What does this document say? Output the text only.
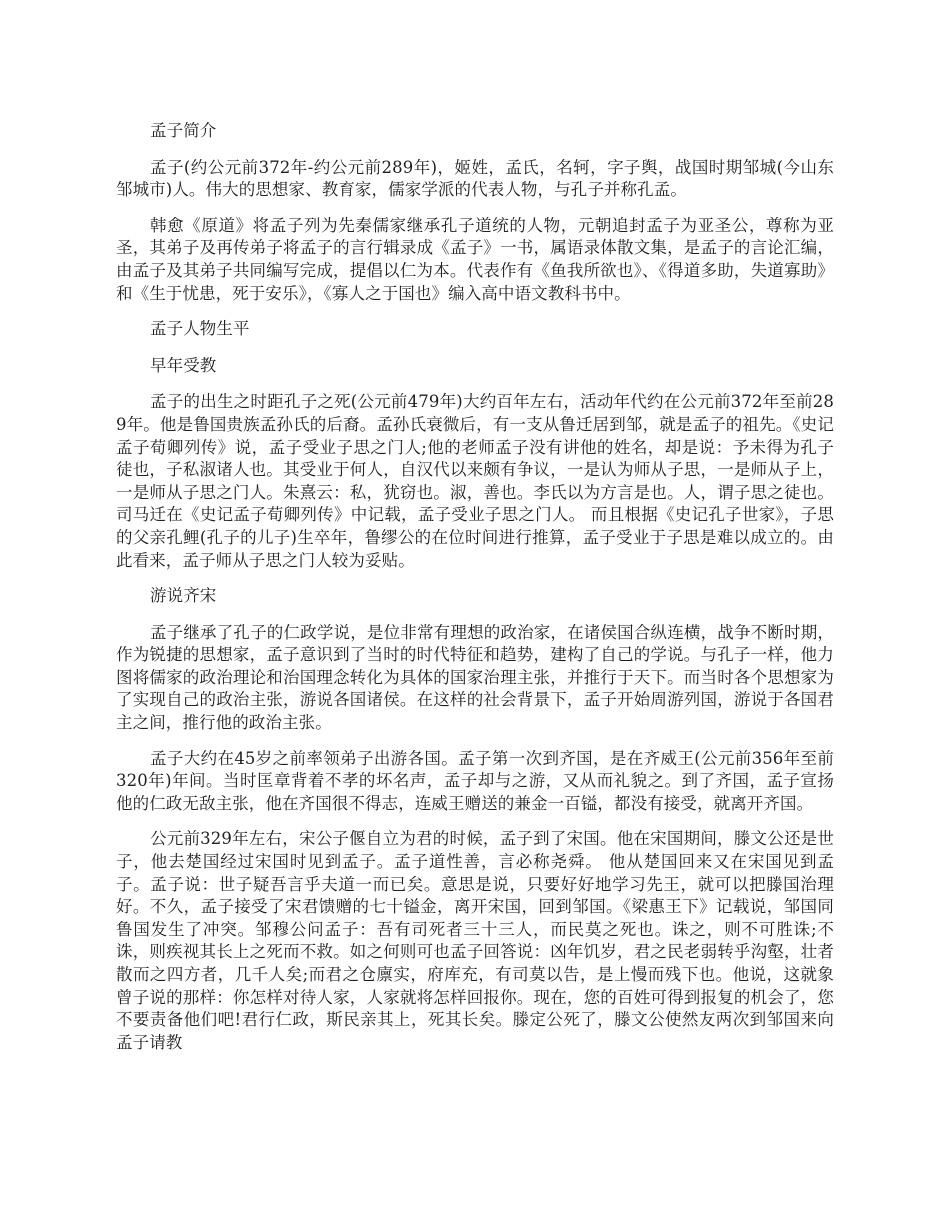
孟子简介
孟子(约公元前372年-约公元前289年)，姬姓，孟氏，名轲，字子舆，战国时期邹城(今山东邹城市)人。伟大的思想家、教育家，儒家学派的代表人物，与孔子并称孔孟。
韩愈《原道》将孟子列为先秦儒家继承孔子道统的人物，元朝追封孟子为亚圣公，尊称为亚圣，其弟子及再传弟子将孟子的言行辑录成《孟子》一书，属语录体散文集，是孟子的言论汇编，由孟子及其弟子共同编写完成，提倡以仁为本。代表作有《鱼我所欲也》、《得道多助，失道寡助》和《生于忧患，死于安乐》，《寡人之于国也》编入高中语文教科书中。
孟子人物生平
早年受教
孟子的出生之时距孔子之死(公元前479年)大约百年左右，活动年代约在公元前372年至前289年。他是鲁国贵族孟孙氏的后裔。孟孙氏衰微后，有一支从鲁迁居到邹，就是孟子的祖先。《史记孟子荀卿列传》说，孟子受业子思之门人;他的老师孟子没有讲他的姓名，却是说：予未得为孔子徒也，子私淑诸人也。其受业于何人，自汉代以来颇有争议，一是认为师从子思，一是师从子上，一是师从子思之门人。朱熹云：私，犹窃也。淑，善也。李氏以为方言是也。人，谓子思之徒也。司马迁在《史记孟子荀卿列传》中记载，孟子受业子思之门人。 而且根据《史记孔子世家》，子思的父亲孔鲤(孔子的儿子)生卒年，鲁缪公的在位时间进行推算，孟子受业于子思是难以成立的。由此看来，孟子师从子思之门人较为妥贴。
游说齐宋
孟子继承了孔子的仁政学说，是位非常有理想的政治家，在诸侯国合纵连横，战争不断时期，作为锐捷的思想家，孟子意识到了当时的时代特征和趋势，建构了自己的学说。与孔子一样，他力图将儒家的政治理论和治国理念转化为具体的国家治理主张，并推行于天下。而当时各个思想家为了实现自己的政治主张，游说各国诸侯。在这样的社会背景下，孟子开始周游列国，游说于各国君主之间，推行他的政治主张。
孟子大约在45岁之前率领弟子出游各国。孟子第一次到齐国，是在齐威王(公元前356年至前320年)年间。当时匡章背着不孝的坏名声，孟子却与之游，又从而礼貌之。到了齐国，孟子宣扬他的仁政无敌主张，他在齐国很不得志，连威王赠送的兼金一百镒，都没有接受，就离开齐国。
公元前329年左右，宋公子偃自立为君的时候，孟子到了宋国。他在宋国期间，滕文公还是世子，他去楚国经过宋国时见到孟子。孟子道性善，言必称尧舜。 他从楚国回来又在宋国见到孟子。孟子说：世子疑吾言乎夫道一而已矣。意思是说，只要好好地学习先王，就可以把滕国治理好。不久，孟子接受了宋君馈赠的七十镒金，离开宋国，回到邹国。《梁惠王下》记载说，邹国同鲁国发生了冲突。邹穆公问孟子：吾有司死者三十三人，而民莫之死也。诛之，则不可胜诛;不诛，则疾视其长上之死而不救。如之何则可也孟子回答说：凶年饥岁，君之民老弱转乎沟壑，壮者散而之四方者，几千人矣;而君之仓廪实，府库充，有司莫以告，是上慢而残下也。他说，这就象曾子说的那样：你怎样对待人家，人家就将怎样回报你。现在，您的百姓可得到报复的机会了，您不要责备他们吧!君行仁政，斯民亲其上，死其长矣。滕定公死了，滕文公使然友两次到邹国来向孟子请教
